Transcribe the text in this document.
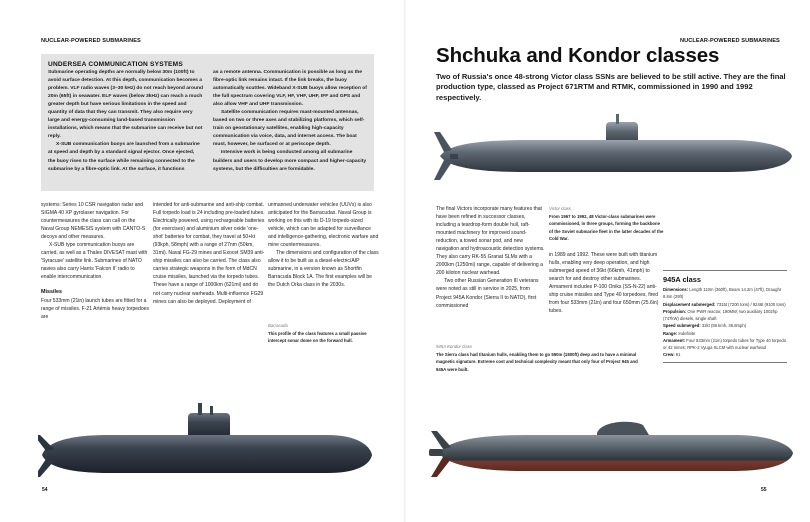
NUCLEAR-POWERED SUBMARINES
UNDERSEA COMMUNICATION SYSTEMS

Submarine operating depths are normally below 30m (100ft) to avoid surface detection. At this depth, communication becomes a problem. VLF radio waves (3–30 kHz) do not reach beyond around 20m (65ft) in seawater. ELF waves (below 3kHz) can reach a much greater depth but have serious limitations in the speed and quantity of data that they can transmit. They also require very large and energy-consuming land-based transmission installations, which means that the submarine can receive but not reply.

X-SUB communication buoys are launched from a submarine at speed and depth by a standard signal ejector. Once ejected, the buoy rises to the surface while remaining connected to the submarine by a fibre-optic link. At the surface, it functions

as a remote antenna. Communication is possible as long as the fibre-optic link remains intact. If the link breaks, the buoy automatically scuttles. Wideband X-SUB buoys allow reception of the full spectrum covering VLF, HF, VHF, UHF, IFF and GPS and also allow VHF and UHF transmission.

Satellite communication requires mast-mounted antennas, based on two or three axes and stabilizing platforms, which self-train on geostationary satellites, enabling high-capacity communication via voice, data, and internet access. The boat must, however, be surfaced or at periscope depth.

Intensive work is being conducted among all submarine builders and users to develop more compact and higher-capacity systems, but the difficulties are formidable.

systems: Series 10 CSR navigation radar and SIGMA 40 XP gyrolaser navigation. For countermeasures the class can call on the Naval Group NEMESIS system with CANTO-S decoys and other measures.

X-SUB type communication buoys are carried, as well as a Thales DIVESAT mast with 'Syracuse' satellite link. Submarines of NATO navies also carry Harris 'Falcon II' radio to enable intercommunication.

Missiles

Four 533mm (21in) launch tubes are fitted for a range of missiles. F-21 Artémis heavy torpedoes are

intended for anti-submarine and anti-ship combat. Full torpedo load is 24 including pre-loaded tubes. Electrically powered, using rechargeable batteries (for exercises) and aluminium silver oxide 'one-shot' batteries for combat, they travel at 50+kt (93kph, 58mph) with a range of 27nm (50km, 31mi). Naval FG-29 mines and Exocet SM39 anti-ship missiles can also be carried. The class also carries strategic weapons in the form of MdCN cruise missiles, launched via the torpedo tubes. These have a range of 1000km (621mi) and do not carry nuclear warheads. Multi-influence FG29 mines can also be deployed. Deployment of

unmanned underwater vehicles (UUVs) is also anticipated for the Barracudas. Naval Group is working on this with its D-19 torpedo-sized vehicle, which can be adapted for surveillance and intelligence-gathering, electronic warfare and mine countermeasures.

The dimensions and configuration of the class allow it to be built as a diesel-electric/AIP submarine, in a version known as Shortfin Barracuda Block 1A. The first examples will be the Dutch Orka class in the 2030s.

Barracuda
This profile of the class features a small passive intercept sonar dome on the forward hull.
54
NUCLEAR-POWERED SUBMARINES
Shchuka and Kondor classes
Two of Russia's once 48-strong Victor class SSNs are believed to be still active. They are the final production type, classed as Project 671RTM and RTMK, commissioned in 1990 and 1992 respectively.

The final Victors incorporate many features that have been refined in successor classes, including a teardrop-form double hull, raft-mounted machinery for improved sound-reduction, a towed sonar pod, and new navigation and hydroacoustic detection systems. They also carry RK-55 Granat SLMs with a 2000km (1250mi) range, capable of delivering a 200 kiloton nuclear warhead.

Two other Russian Generation III veterans were noted as still in service in 2025, from Project 945A Kondor (Sierra II to NATO), first commissioned

Victor class
From 1967 to 1992, 48 Victor-class submarines were commissioned, in three groups, forming the backbone of the Soviet submarine fleet in the latter decades of the Cold War.

in 1989 and 1992. These were built with titanium hulls, enabling very deep operation, and high submerged speed of 36kt (66kmh, 41mph) to search for and destroy other submarines. Armament includes P-100 Oniks (SS-N-22) anti-ship cruise missiles and Type 40 torpedoes, fired from four 533mm (21in) and four 650mm (25.6in) tubes.

945A Kondor class
The Sierra class had titanium hulls, enabling them to go 550m (1800ft) deep and to have a minimal magnetic signature. Extreme cost and technical complexity meant that only four of Project 945 and 945A were built.
945A class
Dimensions: Length 110m (360ft), Beam 14.2m (47ft), Draught 8.8m (29ft)
Displacement submerged: 7315t (7200 tons) / 9246t (9100 tons)
Propulsion: One PWR reactor, 190MW; two auxiliary 1002hp (747kW) diesels, single shaft
Speed submerged: 32kt (59 kmh, 36.8mph)
Range: Indefinite
Armament: Four 533mm (21in) torpedo tubes for Type 40 torpedo or 42 mines; RPK-2 Vyuga SLCM with nuclear warhead
Crew: 61
55
